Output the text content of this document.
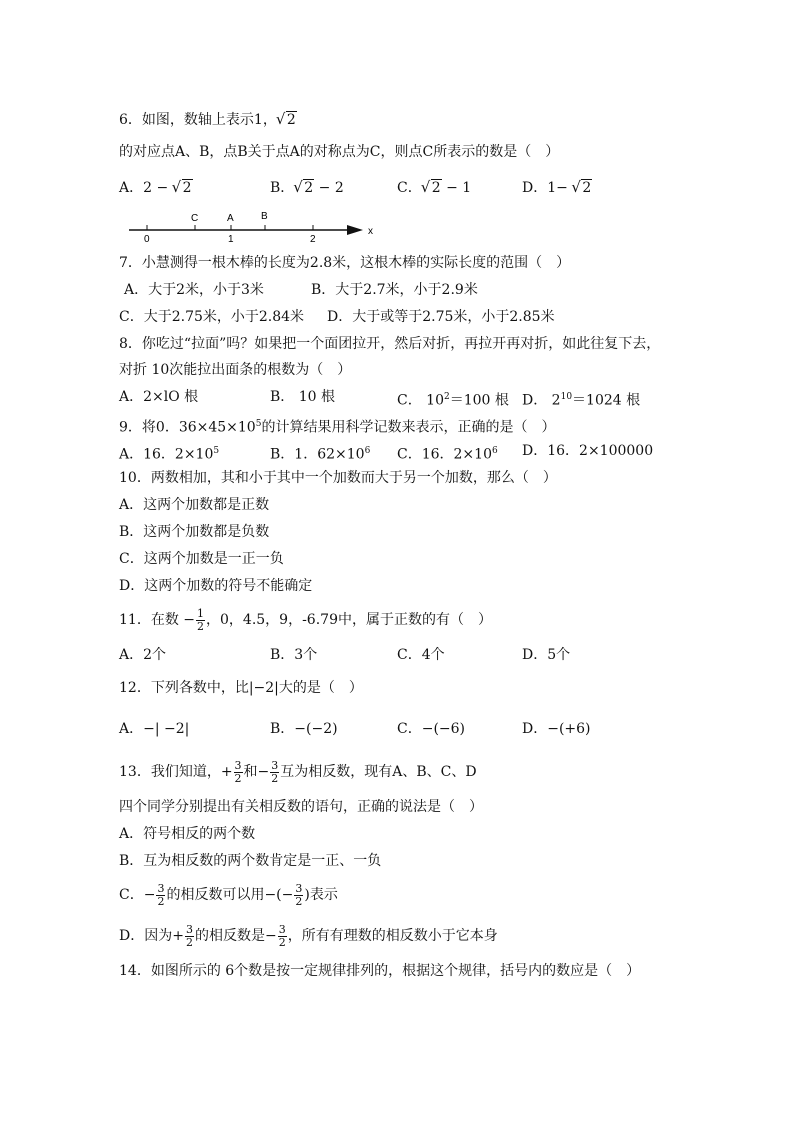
6．如图，数轴上表示1， √ 2
的对应点A、B，点B关于点A的对称点为C，则点C所表示的数是（　）
A．2 − √ 2	B． √ 2 − 2	C． √ 2 − 1	D．1− √ 2
C	A	B
0	1	2
x
7．小慧测得一根木棒的长度为2.8米，这根木棒的实际长度的范围（　）
A．大于2米，小于3米	B．大于2.7米，小于2.9米
C．大于2.75米，小于2.84米 D．大于或等于2.75米，小于2.85米
8．你吃过“拉面”吗？如果把一个面团拉开，然后对折，再拉开再对折，如此往复下去，
对折 10次能拉出面条的根数为（　）
A．2×lO 根	B． 10 根	C． $10^2=100$ 根 D． $2^{10}=1024$ 根
9．将0．$36\times 45\times 10^5$的计算结果用科学记数来表示，正确的是（　）
A．16．$2\times 10^5$	B．1．$62\times 10^6$ C．16．$2\times 10^6$ D．16．2×100000
10．两数相加，其和小于其中一个加数而大于另一个加数，那么（　）
A．这两个加数都是正数
B．这两个加数都是负数
C．这两个加数是一正一负
D．这两个加数的符号不能确定
11．在数 − $\frac{1}{2}$ ，0，4.5，9，-6.79中，属于正数的有（　）
A．2个	B．3个	C．4个	D．5个
12．下列各数中，比|−2|大的是（　）
A．−| −2|	B．−(−2)	C．−(−6)	D．−(+6)
13．我们知道，+ $\frac{3}{2}$ 和− $\frac{3}{2}$ 互为相反数，现有A、B、C、D
四个同学分别提出有关相反数的语句，正确的说法是（　）
A．符号相反的两个数
B．互为相反数的两个数肯定是一正、一负
C．− $\frac{3}{2}$ 的相反数可以用−(− $\frac{3}{2}$ )表示
D．因为+ $\frac{3}{2}$ 的相反数是− $\frac{3}{2}$ ，所有有理数的相反数小于它本身
14．如图所示的 6个数是按一定规律排列的，根据这个规律，括号内的数应是（　）
